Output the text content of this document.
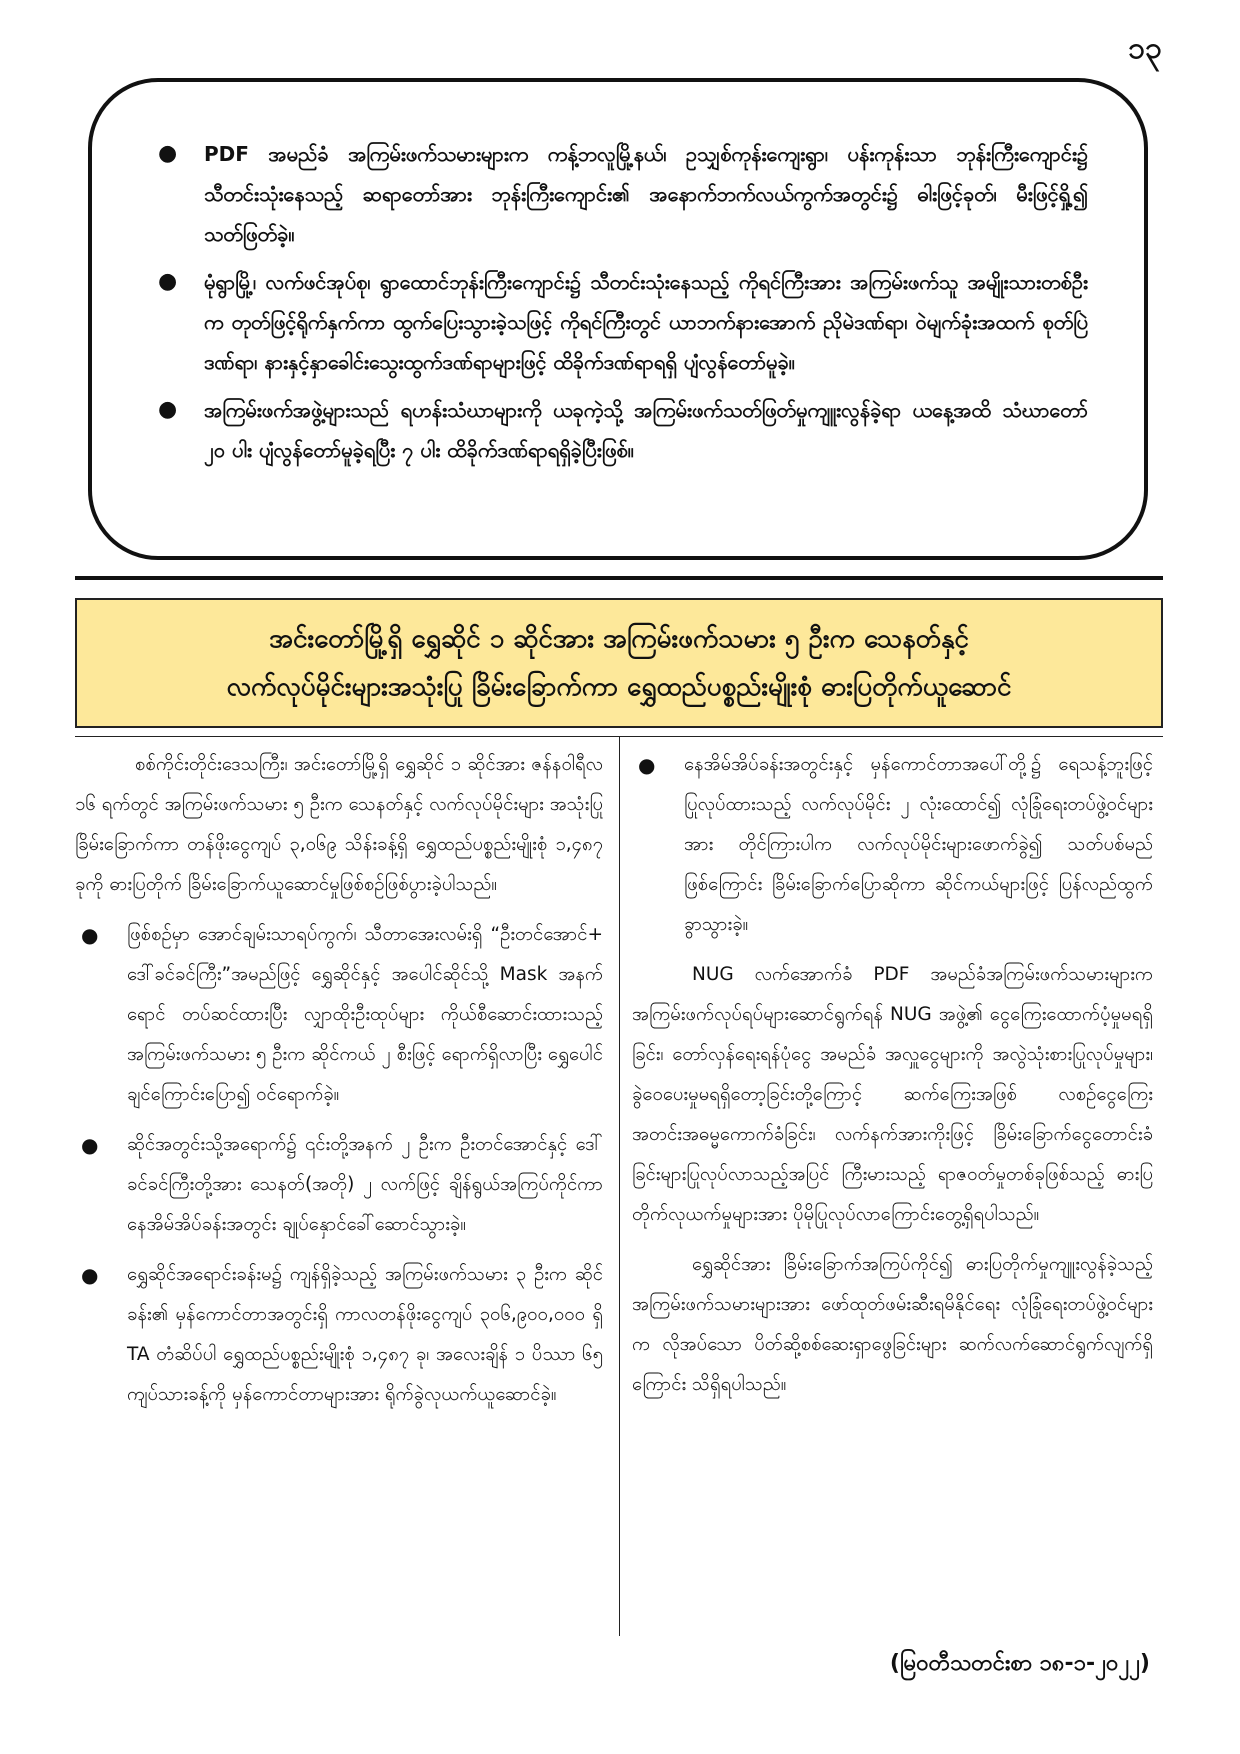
၁၃
● PDF အမည်ခံ အကြမ်းဖက်သမားများက ကန့်ဘလူမြို့နယ်၊ ဥသျှစ်ကုန်းကျေးရွာ၊ ပန်းကုန်းသာ ဘုန်းကြီးကျောင်း၌ သီတင်းသုံးနေသည့် ဆရာတော်အား ဘုန်းကြီးကျောင်း၏ အနောက်ဘက်လယ်ကွက်အတွင်း၌ ဓါးဖြင့်ခုတ်၊ မီးဖြင့်ရှို့၍ သတ်ဖြတ်ခဲ့။
● မုံရွာမြို့၊ လက်ဖင်အုပ်စု၊ ရွာထောင်ဘုန်းကြီးကျောင်း၌ သီတင်းသုံးနေသည့် ကိုရင်ကြီးအား အကြမ်းဖက်သူ အမျိုးသားတစ်ဦးက တုတ်ဖြင့်ရိုက်နှက်ကာ ထွက်ပြေးသွားခဲ့သဖြင့် ကိုရင်ကြီးတွင် ယာဘက်နားအောက် ညိုမဲဒဏ်ရာ၊ ဝဲမျက်ခုံးအထက် စုတ်ပြဲဒဏ်ရာ၊ နားနှင့်နှာခေါင်းသွေးထွက်ဒဏ်ရာများဖြင့် ထိခိုက်ဒဏ်ရာရရှိ ပျံလွန်တော်မူခဲ့။
● အကြမ်းဖက်အဖွဲ့များသည် ရဟန်းသံဃာများကို ယခုကဲ့သို့ အကြမ်းဖက်သတ်ဖြတ်မှုကျူးလွန်ခဲ့ရာ ယနေ့အထိ သံဃာတော် ၂၀ ပါး ပျံလွန်တော်မူခဲ့ရပြီး ၇ ပါး ထိခိုက်ဒဏ်ရာရရှိခဲ့ပြီးဖြစ်။
အင်းတော်မြို့ရှိ ရွှေဆိုင် ၁ ဆိုင်အား အကြမ်းဖက်သမား ၅ ဦးက သေနတ်နှင့်
လက်လုပ်မိုင်းများအသုံးပြု ခြိမ်းခြောက်ကာ ရွှေထည်ပစ္စည်းမျိုးစုံ ဓားပြတိုက်ယူဆောင်

စစ်ကိုင်းတိုင်းဒေသကြီး၊ အင်းတော်မြို့ရှိ ရွှေဆိုင် ၁ ဆိုင်အား ဇန်နဝါရီလ ၁၆ ရက်တွင် အကြမ်းဖက်သမား ၅ ဦးက သေနတ်နှင့် လက်လုပ်မိုင်းများ အသုံးပြုခြိမ်းခြောက်ကာ တန်ဖိုးငွေကျပ် ၃,၀၆၉ သိန်းခန့်ရှိ ရွှေထည်ပစ္စည်းမျိုးစုံ ၁,၄၈၇ ခုကို ဓားပြတိုက် ခြိမ်းခြောက်ယူဆောင်မှုဖြစ်စဉ်ဖြစ်ပွားခဲ့ပါသည်။

● ဖြစ်စဉ်မှာ အောင်ချမ်းသာရပ်ကွက်၊ သီတာအေးလမ်းရှိ “ဦးတင်အောင်+ ဒေါ်ခင်ခင်ကြီး”အမည်ဖြင့် ရွှေဆိုင်နှင့် အပေါင်ဆိုင်သို့ Mask အနက်ရောင် တပ်ဆင်ထားပြီး လျှာထိုးဦးထုပ်များ ကိုယ်စီဆောင်းထားသည့် အကြမ်းဖက်သမား ၅ ဦးက ဆိုင်ကယ် ၂ စီးဖြင့် ရောက်ရှိလာပြီး ရွှေပေါင်ချင်ကြောင်းပြော၍ ဝင်ရောက်ခဲ့။
● ဆိုင်အတွင်းသို့အရောက်၌ ၎င်းတို့အနက် ၂ ဦးက ဦးတင်အောင်နှင့် ဒေါ်ခင်ခင်ကြီးတို့အား သေနတ်(အတို) ၂ လက်ဖြင့် ချိန်ရွယ်အကြပ်ကိုင်ကာ နေအိမ်အိပ်ခန်းအတွင်း ချုပ်နှောင်ခေါ်ဆောင်သွားခဲ့။
● ရွှေဆိုင်အရောင်းခန်းမ၌ ကျန်ရှိခဲ့သည့် အကြမ်းဖက်သမား ၃ ဦးက ဆိုင်ခန်း၏ မှန်ကောင်တာအတွင်းရှိ ကာလတန်ဖိုးငွေကျပ် ၃၀၆,၉၀၀,၀၀၀ ရှိ TA တံဆိပ်ပါ ရွှေထည်ပစ္စည်းမျိုးစုံ ၁,၄၈၇ ခု၊ အလေးချိန် ၁ ပိဿာ ၆၅ ကျပ်သားခန့်ကို မှန်ကောင်တာများအား ရိုက်ခွဲလုယက်ယူဆောင်ခဲ့။
● နေအိမ်အိပ်ခန်းအတွင်းနှင့် မှန်ကောင်တာအပေါ်တို့၌ ရေသန့်ဘူးဖြင့် ပြုလုပ်ထားသည့် လက်လုပ်မိုင်း ၂ လုံးထောင်၍ လုံခြုံရေးတပ်ဖွဲ့ဝင်များအား တိုင်ကြားပါက လက်လုပ်မိုင်းများဖောက်ခွဲ၍ သတ်ပစ်မည်ဖြစ်ကြောင်း ခြိမ်းခြောက်ပြောဆိုကာ ဆိုင်ကယ်များဖြင့် ပြန်လည်ထွက်ခွာသွားခဲ့။

NUG လက်အောက်ခံ PDF အမည်ခံအကြမ်းဖက်သမားများက အကြမ်းဖက်လုပ်ရပ်များဆောင်ရွက်ရန် NUG အဖွဲ့၏ ငွေကြေးထောက်ပံ့မှုမရရှိခြင်း၊ တော်လှန်ရေးရန်ပုံငွေ အမည်ခံ အလှူငွေများကို အလွဲသုံးစားပြုလုပ်မှုများ၊ ခွဲဝေပေးမှုမရရှိတော့ခြင်းတို့ကြောင့် ဆက်ကြေးအဖြစ် လစဉ်ငွေကြေးအတင်းအဓမ္မကောက်ခံခြင်း၊ လက်နက်အားကိုးဖြင့် ခြိမ်းခြောက်ငွေတောင်းခံခြင်းများပြုလုပ်လာသည့်အပြင် ကြီးမားသည့် ရာဇဝတ်မှုတစ်ခုဖြစ်သည့် ဓားပြတိုက်လုယက်မှုများအား ပိုမိုပြုလုပ်လာကြောင်းတွေ့ရှိရပါသည်။

ရွှေဆိုင်အား ခြိမ်းခြောက်အကြပ်ကိုင်၍ ဓားပြတိုက်မှုကျူးလွန်ခဲ့သည့် အကြမ်းဖက်သမားများအား ဖော်ထုတ်ဖမ်းဆီးရမိနိုင်ရေး လုံခြုံရေးတပ်ဖွဲ့ဝင်များက လိုအပ်သော ပိတ်ဆို့စစ်ဆေးရှာဖွေခြင်းများ ဆက်လက်ဆောင်ရွက်လျက်ရှိကြောင်း သိရှိရပါသည်။

(မြဝတီသတင်းစာ ၁၈-၁-၂၀၂၂)
